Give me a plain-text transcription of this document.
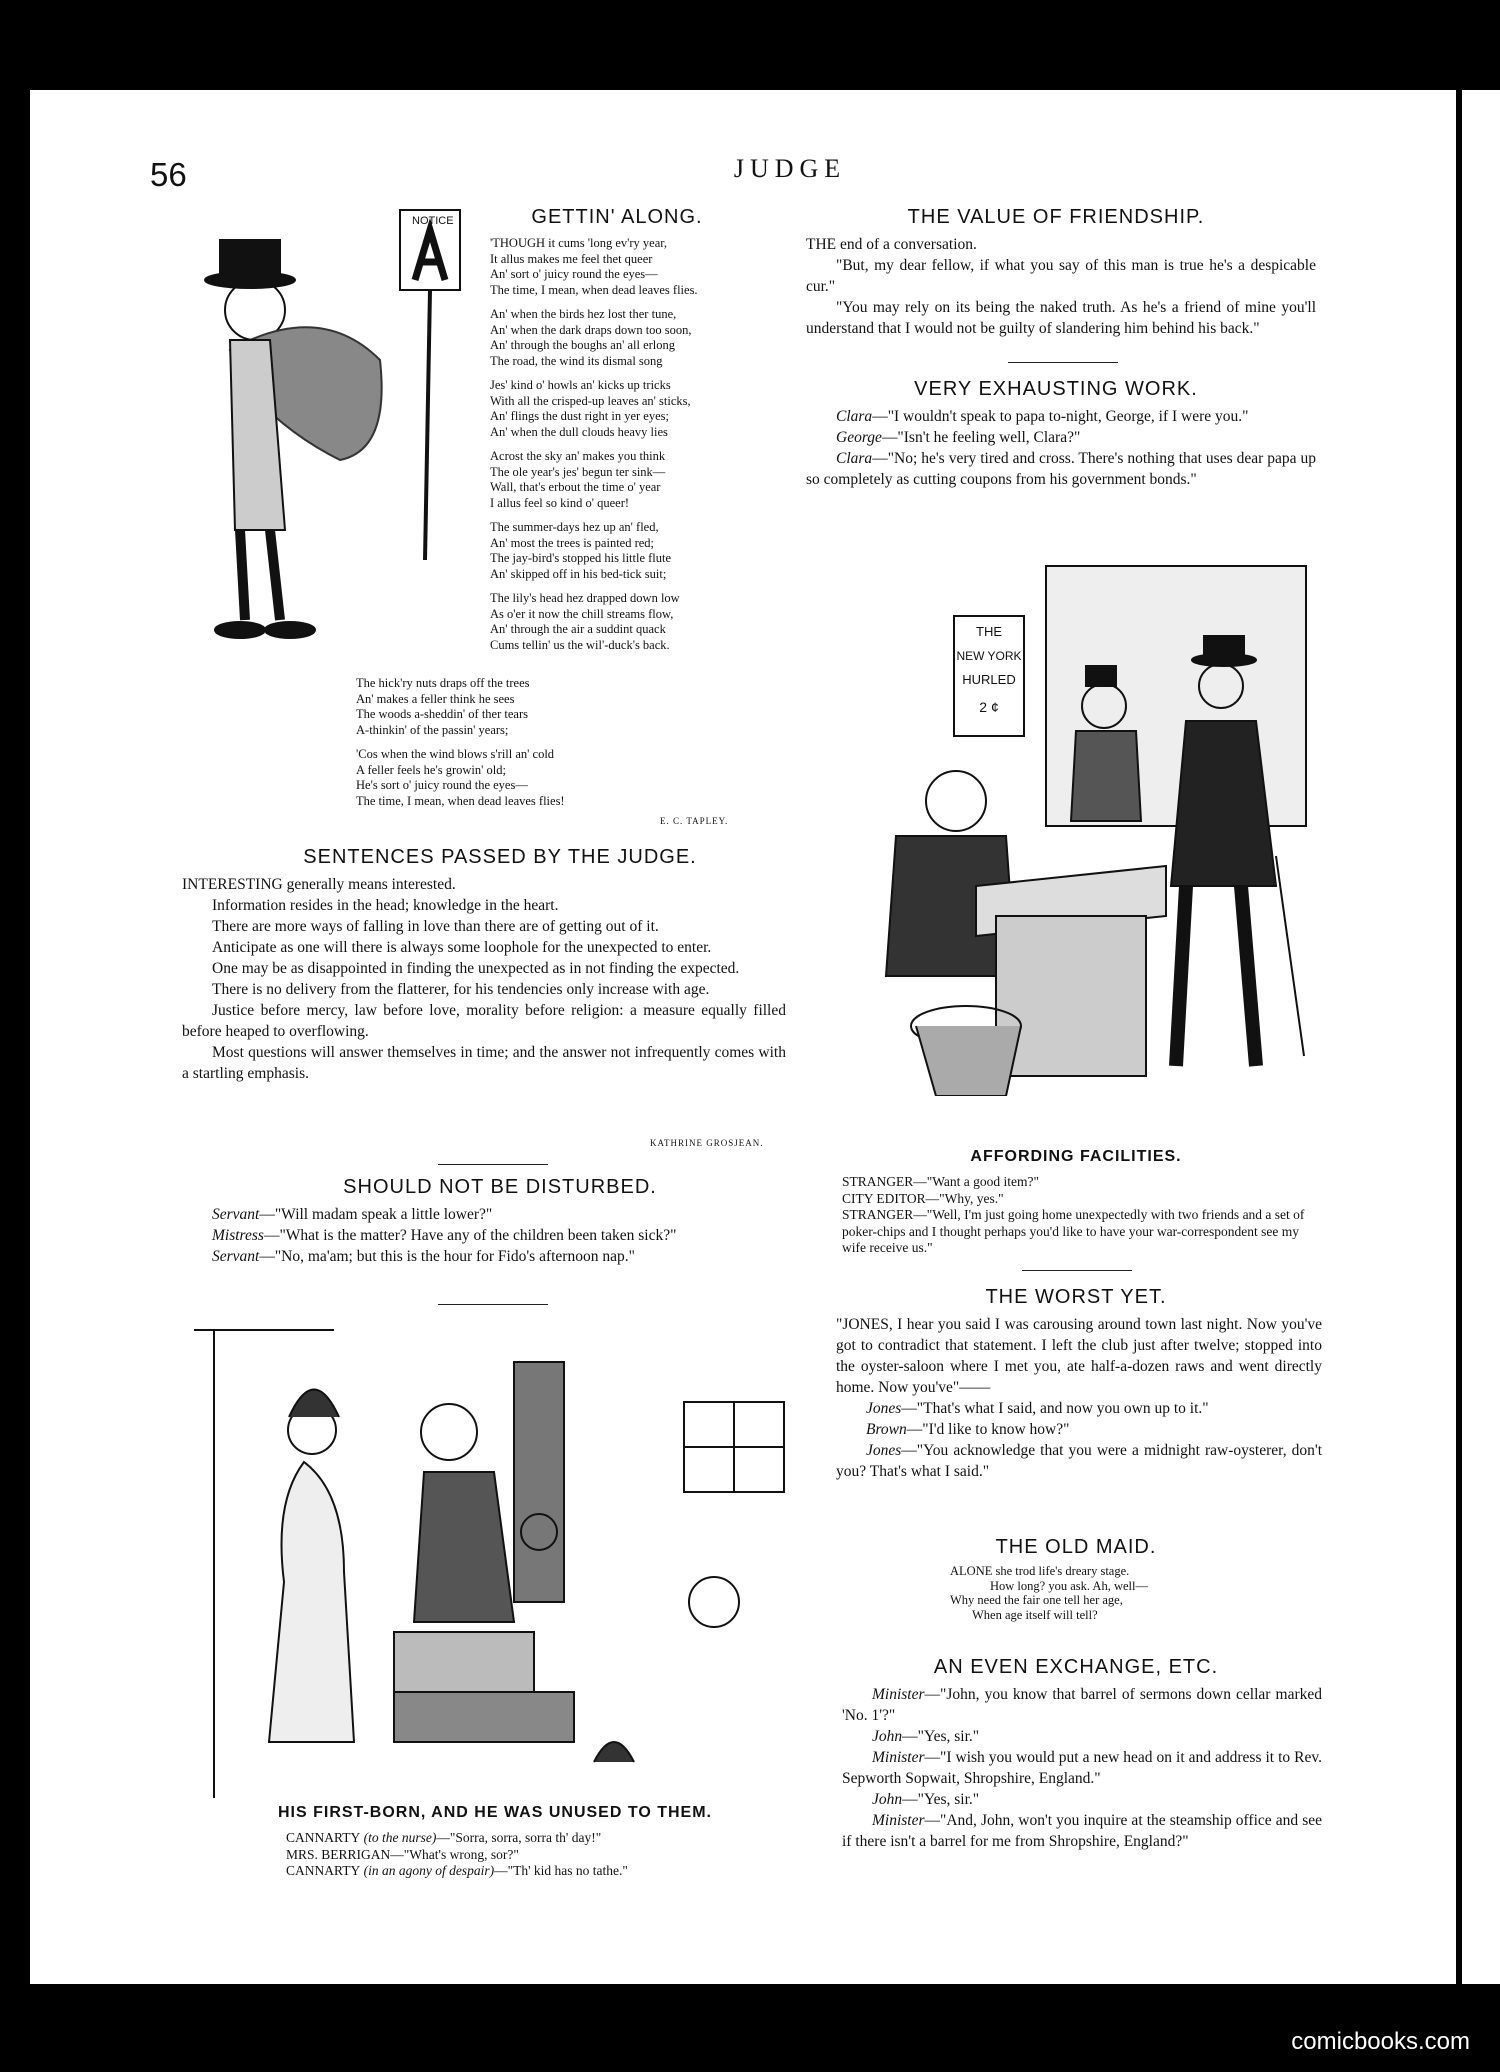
56	JUDGE
NOTICE	GETTIN' ALONG.
'THOUGH it cums 'long ev'ry year,
It allus makes me feel thet queer
An' sort o' juicy round the eyes—
The time, I mean, when dead leaves flies.
An' when the birds hez lost ther tune,
An' when the dark draps down too soon,
An' through the boughs an' all erlong
The road, the wind its dismal song
Jes' kind o' howls an' kicks up tricks
With all the crisped-up leaves an' sticks,
An' flings the dust right in yer eyes;
An' when the dull clouds heavy lies
Acrost the sky an' makes you think
The ole year's jes' begun ter sink—
Wall, that's erbout the time o' year
I allus feel so kind o' queer!
The summer-days hez up an' fled,
An' most the trees is painted red;
The jay-bird's stopped his little flute
An' skipped off in his bed-tick suit;
The lily's head hez drapped down low
As o'er it now the chill streams flow,
An' through the air a suddint quack
Cums tellin' us the wil'-duck's back.
The hick'ry nuts draps off the trees
An' makes a feller think he sees
The woods a-sheddin' of ther tears
A-thinkin' of the passin' years;
'Cos when the wind blows s'rill an' cold
A feller feels he's growin' old;
He's sort o' juicy round the eyes—
The time, I mean, when dead leaves flies!
E. C. TAPLEY.
SENTENCES PASSED BY THE JUDGE.

INTERESTING generally means interested.

Information resides in the head; knowledge in the heart.

There are more ways of falling in love than there are of getting out of it.

Anticipate as one will there is always some loophole for the unexpected to enter.

One may be as disappointed in finding the unexpected as in not finding the expected.

There is no delivery from the flatterer, for his tendencies only increase with age.

Justice before mercy, law before love, morality before religion: a measure equally filled before heaped to overflowing.

Most questions will answer themselves in time; and the answer not infrequently comes with a startling emphasis.

KATHRINE GROSJEAN.
SHOULD NOT BE DISTURBED.

Servant—"Will madam speak a little lower?"

Mistress—"What is the matter? Have any of the children been taken sick?"

Servant—"No, ma'am; but this is the hour for Fido's afternoon nap."

HIS FIRST-BORN, AND HE WAS UNUSED TO THEM.

CANNARTY (to the nurse)—"Sorra, sorra, sorra th' day!"

MRS. BERRIGAN—"What's wrong, sor?"

CANNARTY (in an agony of despair)—"Th' kid has no tathe."

THE VALUE OF FRIENDSHIP.

THE end of a conversation.

"But, my dear fellow, if what you say of this man is true he's a despicable cur."

"You may rely on its being the naked truth. As he's a friend of mine you'll understand that I would not be guilty of slandering him behind his back."

VERY EXHAUSTING WORK.

Clara—"I wouldn't speak to papa to-night, George, if I were you."

George—"Isn't he feeling well, Clara?"

Clara—"No; he's very tired and cross. There's nothing that uses dear papa up so completely as cutting coupons from his government bonds."

THE
NEW YORK
HURLED
2 ¢
AFFORDING FACILITIES.

STRANGER—"Want a good item?"

CITY EDITOR—"Why, yes."

STRANGER—"Well, I'm just going home unexpectedly with two friends and a set of poker-chips and I thought perhaps you'd like to have your war-correspondent see my wife receive us."

THE WORST YET.

"JONES, I hear you said I was carousing around town last night. Now you've got to contradict that statement. I left the club just after twelve; stopped into the oyster-saloon where I met you, ate half-a-dozen raws and went directly home. Now you've"——

Jones—"That's what I said, and now you own up to it."

Brown—"I'd like to know how?"

Jones—"You acknowledge that you were a midnight raw-oysterer, don't you? That's what I said."

THE OLD MAID.
ALONE she trod life's dreary stage.
How long? you ask. Ah, well—
Why need the fair one tell her age,
When age itself will tell?
AN EVEN EXCHANGE, ETC.

Minister—"John, you know that barrel of sermons down cellar marked 'No. 1'?"

John—"Yes, sir."

Minister—"I wish you would put a new head on it and address it to Rev. Sepworth Sopwait, Shropshire, England."

John—"Yes, sir."

Minister—"And, John, won't you inquire at the steamship office and see if there isn't a barrel for me from Shropshire, England?"

comicbooks.com
